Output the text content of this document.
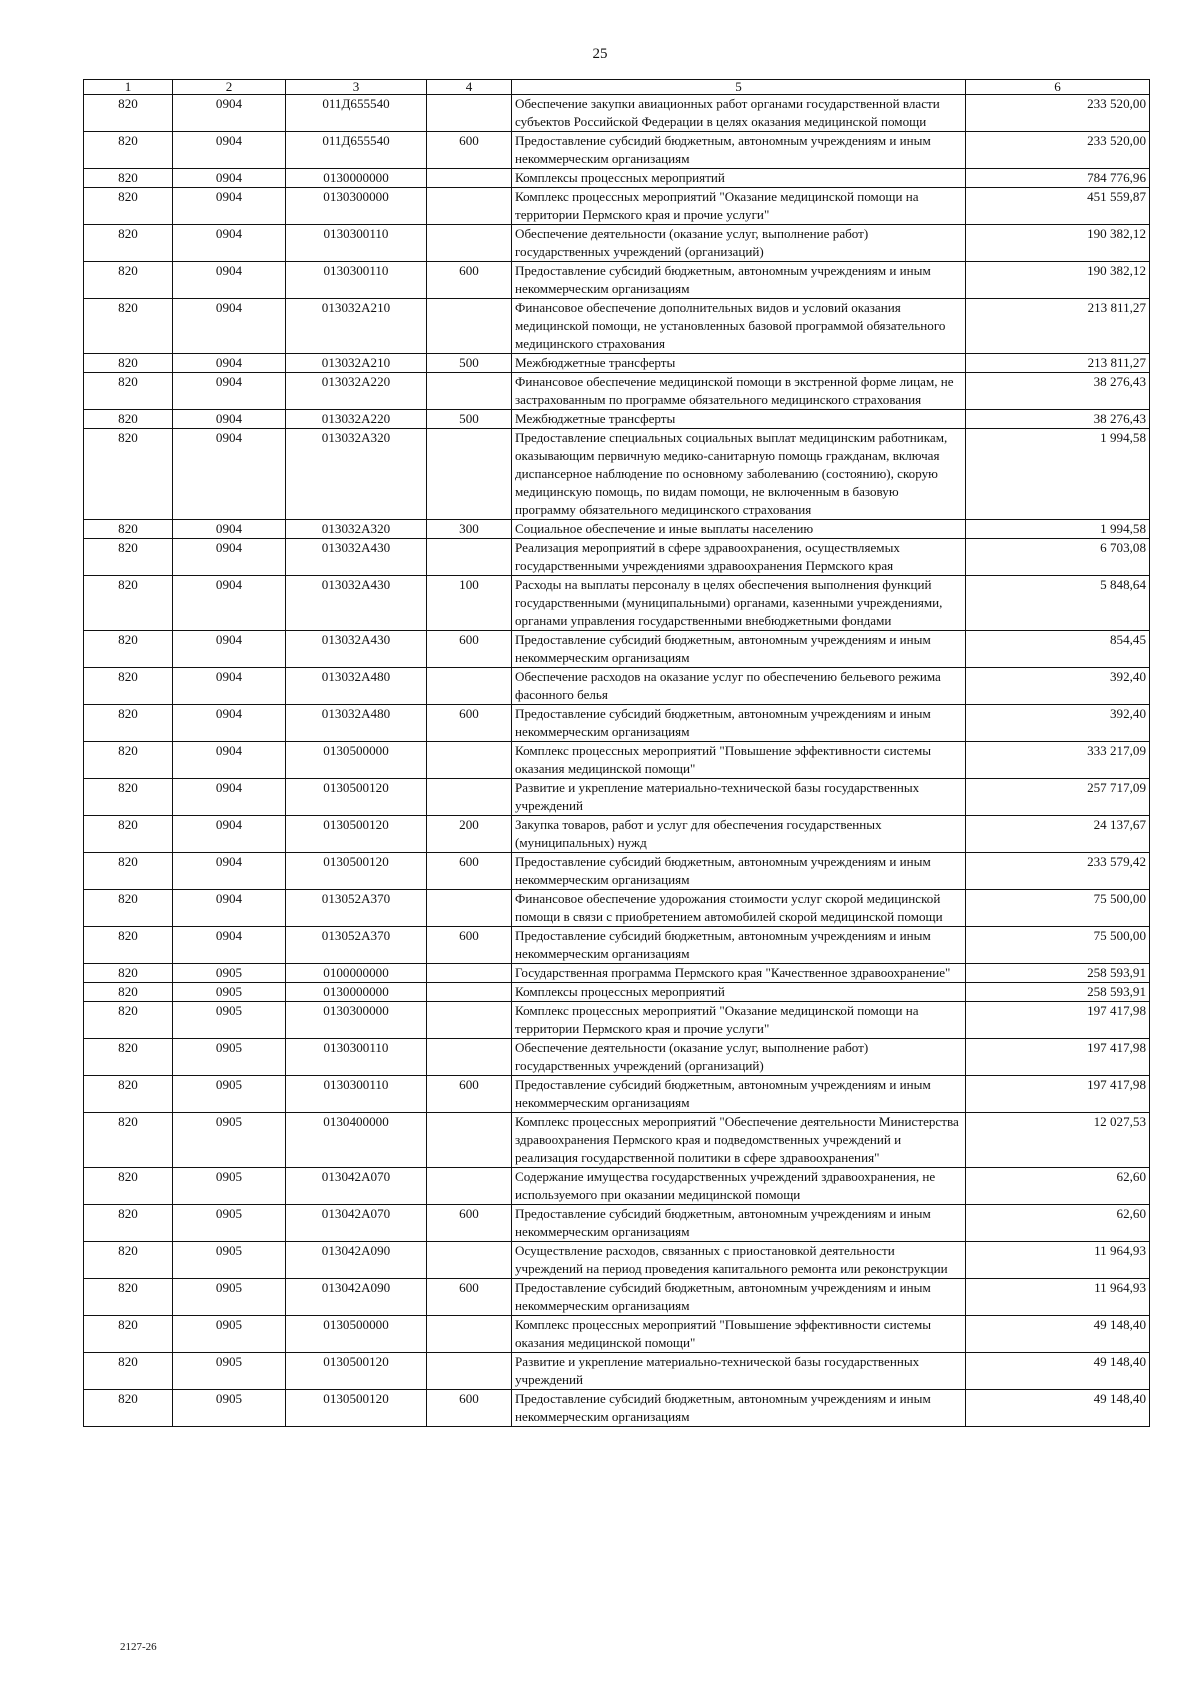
25
1	2	3	4	5	6
820	0904	011Д655540		Обеспечение закупки авиационных работ органами государственной власти субъектов Российской Федерации в целях оказания медицинской помощи	233 520,00
820	0904	011Д655540	600	Предоставление субсидий бюджетным, автономным учреждениям и иным некоммерческим организациям	233 520,00
820	0904	0130000000		Комплексы процессных мероприятий	784 776,96
820	0904	0130300000		Комплекс процессных мероприятий "Оказание медицинской помощи на территории Пермского края и прочие услуги"	451 559,87
820	0904	0130300110		Обеспечение деятельности (оказание услуг, выполнение работ) государственных учреждений (организаций)	190 382,12
820	0904	0130300110	600	Предоставление субсидий бюджетным, автономным учреждениям и иным некоммерческим организациям	190 382,12
820	0904	013032А210		Финансовое обеспечение дополнительных видов и условий оказания медицинской помощи, не установленных базовой программой обязательного медицинского страхования	213 811,27
820	0904	013032А210	500	Межбюджетные трансферты	213 811,27
820	0904	013032А220		Финансовое обеспечение медицинской помощи в экстренной форме лицам, не застрахованным по программе обязательного медицинского страхования	38 276,43
820	0904	013032А220	500	Межбюджетные трансферты	38 276,43
820	0904	013032А320		Предоставление специальных социальных выплат медицинским работникам, оказывающим первичную медико-санитарную помощь гражданам, включая диспансерное наблюдение по основному заболеванию (состоянию), скорую медицинскую помощь, по видам помощи, не включенным в базовую программу обязательного медицинского страхования	1 994,58
820	0904	013032А320	300	Социальное обеспечение и иные выплаты населению	1 994,58
820	0904	013032А430		Реализация мероприятий в сфере здравоохранения, осуществляемых государственными учреждениями здравоохранения Пермского края	6 703,08
820	0904	013032А430	100	Расходы на выплаты персоналу в целях обеспечения выполнения функций государственными (муниципальными) органами, казенными учреждениями, органами управления государственными внебюджетными фондами	5 848,64
820	0904	013032А430	600	Предоставление субсидий бюджетным, автономным учреждениям и иным некоммерческим организациям	854,45
820	0904	013032А480		Обеспечение расходов на оказание услуг по обеспечению бельевого режима фасонного белья	392,40
820	0904	013032А480	600	Предоставление субсидий бюджетным, автономным учреждениям и иным некоммерческим организациям	392,40
820	0904	0130500000		Комплекс процессных мероприятий "Повышение эффективности системы оказания медицинской помощи"	333 217,09
820	0904	0130500120		Развитие и укрепление материально-технической базы государственных учреждений	257 717,09
820	0904	0130500120	200	Закупка товаров, работ и услуг для обеспечения государственных (муниципальных) нужд	24 137,67
820	0904	0130500120	600	Предоставление субсидий бюджетным, автономным учреждениям и иным некоммерческим организациям	233 579,42
820	0904	013052А370		Финансовое обеспечение удорожания стоимости услуг скорой медицинской помощи в связи с приобретением автомобилей скорой медицинской помощи	75 500,00
820	0904	013052А370	600	Предоставление субсидий бюджетным, автономным учреждениям и иным некоммерческим организациям	75 500,00
820	0905	0100000000		Государственная программа Пермского края "Качественное здравоохранение"	258 593,91
820	0905	0130000000		Комплексы процессных мероприятий	258 593,91
820	0905	0130300000		Комплекс процессных мероприятий "Оказание медицинской помощи на территории Пермского края и прочие услуги"	197 417,98
820	0905	0130300110		Обеспечение деятельности (оказание услуг, выполнение работ) государственных учреждений (организаций)	197 417,98
820	0905	0130300110	600	Предоставление субсидий бюджетным, автономным учреждениям и иным некоммерческим организациям	197 417,98
820	0905	0130400000		Комплекс процессных мероприятий "Обеспечение деятельности Министерства здравоохранения Пермского края и подведомственных учреждений и реализация государственной политики в сфере здравоохранения"	12 027,53
820	0905	013042А070		Содержание имущества государственных учреждений здравоохранения, не используемого при оказании медицинской помощи	62,60
820	0905	013042А070	600	Предоставление субсидий бюджетным, автономным учреждениям и иным некоммерческим организациям	62,60
820	0905	013042А090		Осуществление расходов, связанных с приостановкой деятельности учреждений на период проведения капитального ремонта или реконструкции	11 964,93
820	0905	013042А090	600	Предоставление субсидий бюджетным, автономным учреждениям и иным некоммерческим организациям	11 964,93
820	0905	0130500000		Комплекс процессных мероприятий "Повышение эффективности системы оказания медицинской помощи"	49 148,40
820	0905	0130500120		Развитие и укрепление материально-технической базы государственных учреждений	49 148,40
820	0905	0130500120	600	Предоставление субсидий бюджетным, автономным учреждениям и иным некоммерческим организациям	49 148,40
2127-26
